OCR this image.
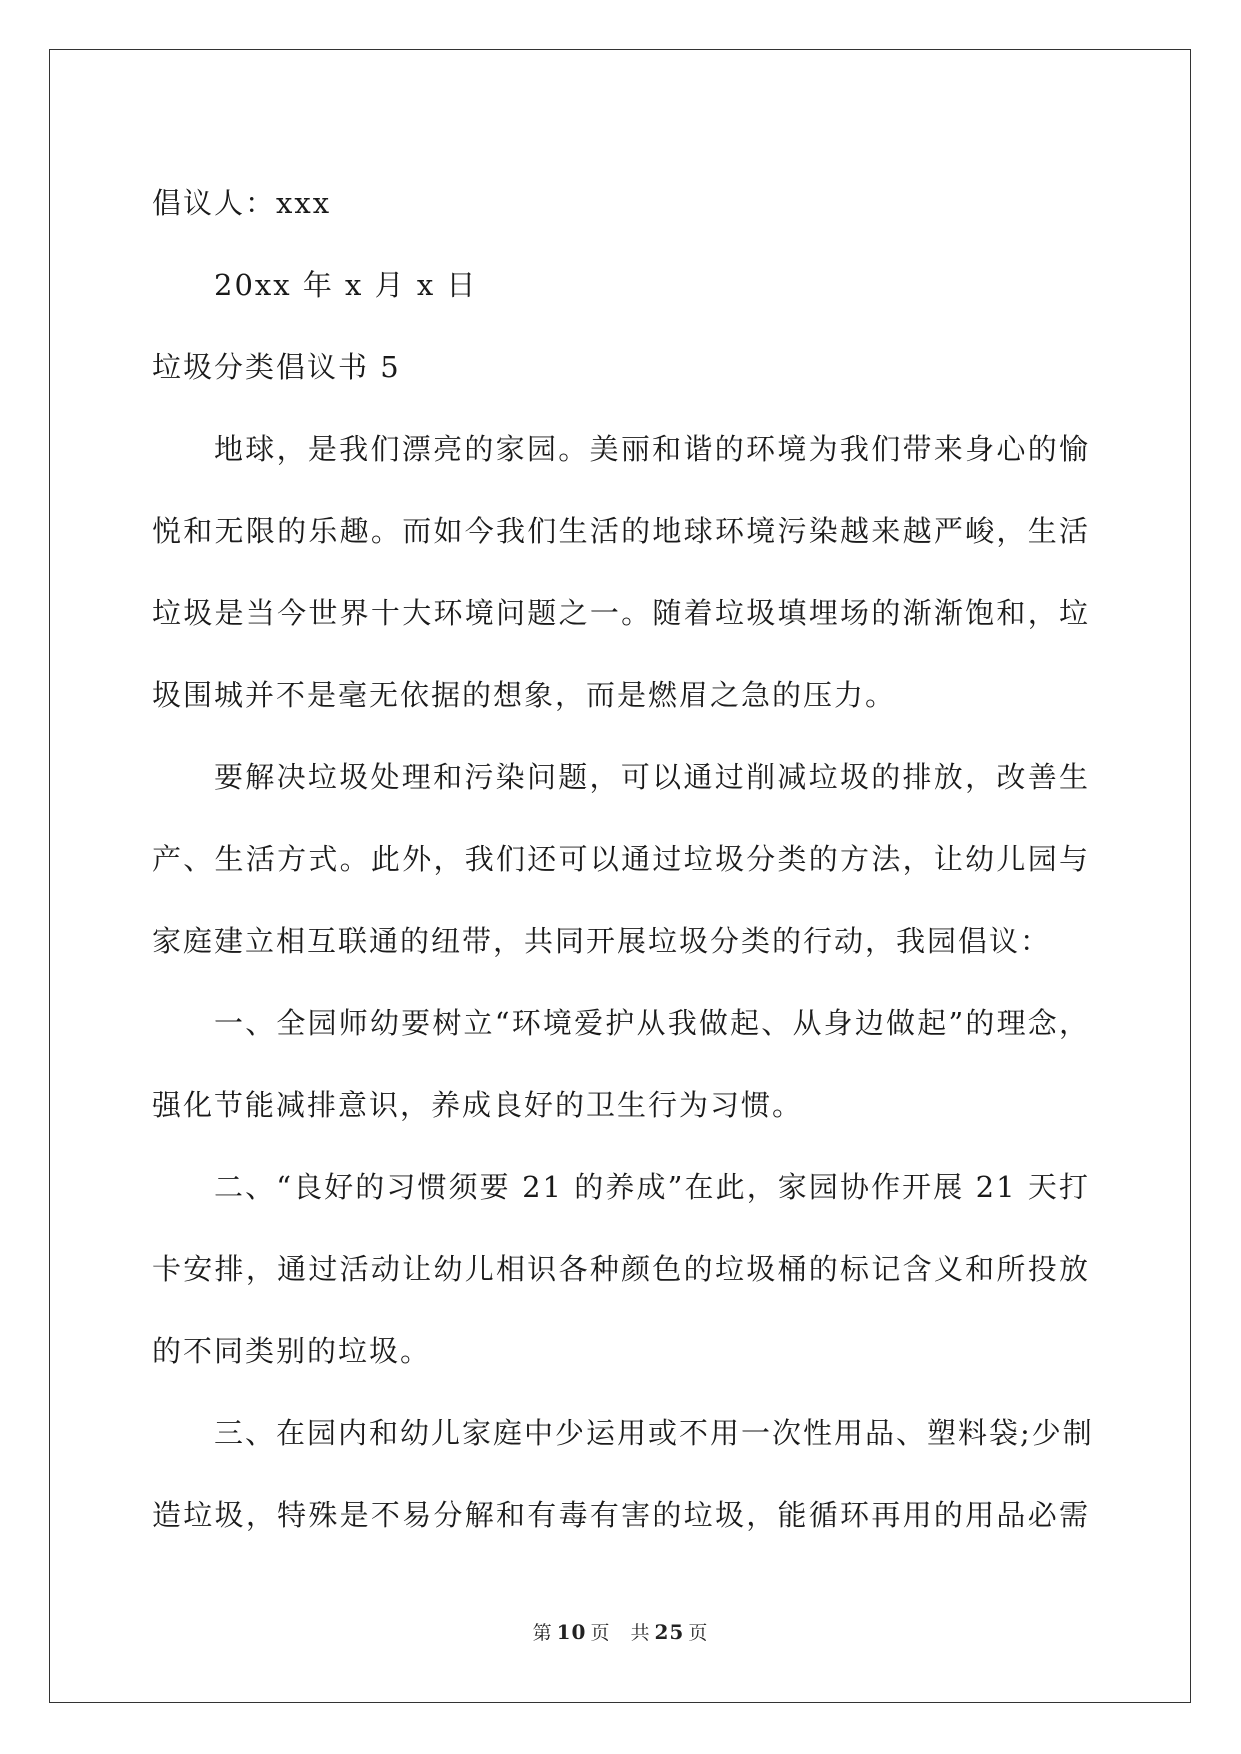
倡议人：xxx
20xx 年 x 月 x 日
垃圾分类倡议书 5
地球，是我们漂亮的家园。美丽和谐的环境为我们带来身心的愉
悦和无限的乐趣。而如今我们生活的地球环境污染越来越严峻，生活
垃圾是当今世界十大环境问题之一。随着垃圾填埋场的渐渐饱和，垃
圾围城并不是毫无依据的想象，而是燃眉之急的压力。
要解决垃圾处理和污染问题，可以通过削减垃圾的排放，改善生
产、生活方式。此外，我们还可以通过垃圾分类的方法，让幼儿园与
家庭建立相互联通的纽带，共同开展垃圾分类的行动，我园倡议：
一、全园师幼要树立“环境爱护从我做起、从身边做起”的理念，
强化节能减排意识，养成良好的卫生行为习惯。
二、“良好的习惯须要 21 的养成”在此，家园协作开展 21 天打
卡安排，通过活动让幼儿相识各种颜色的垃圾桶的标记含义和所投放
的不同类别的垃圾。
三、在园内和幼儿家庭中少运用或不用一次性用品、塑料袋;少制
造垃圾，特殊是不易分解和有毒有害的垃圾，能循环再用的用品必需
第 10 页　共 25 页
